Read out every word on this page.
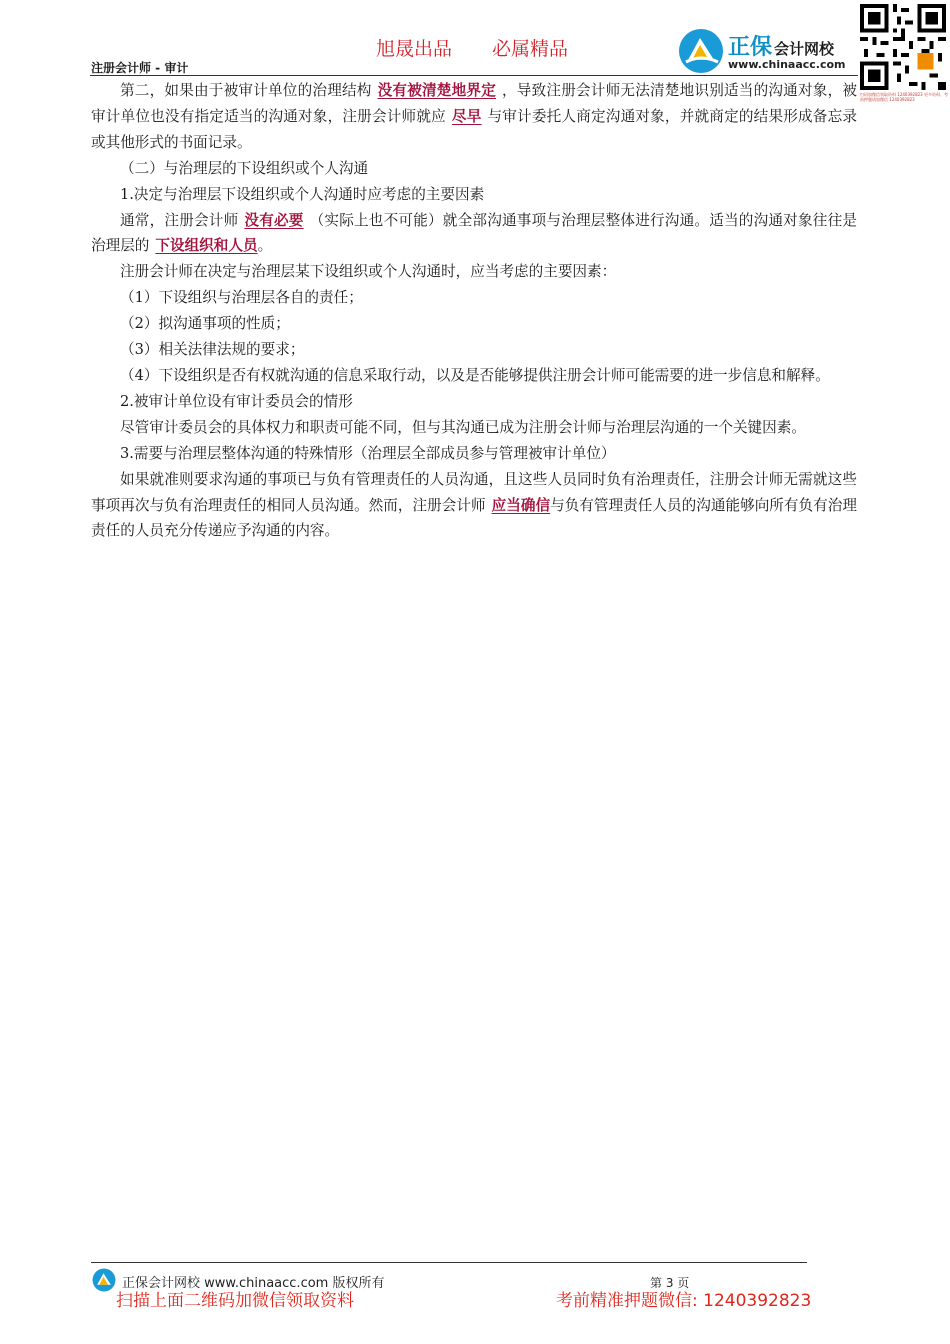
旭晟出品 必属精品	正保 会计网校
www.chinaacc.com
扫码加微信领取资料 1240392823 更多资料、考前押题请加微信 1240392823
注册会计师 - 审计

第二，如果由于被审计单位的治理结构 没有被清楚地界定 ，导致注册会计师无法清楚地识别适当的沟通对象，被审计单位也没有指定适当的沟通对象，注册会计师就应 尽早 与审计委托人商定沟通对象，并就商定的结果形成备忘录或其他形式的书面记录。

（二）与治理层的下设组织或个人沟通

1.决定与治理层下设组织或个人沟通时应考虑的主要因素

通常，注册会计师 没有必要 （实际上也不可能）就全部沟通事项与治理层整体进行沟通。适当的沟通对象往往是治理层的 下设组织和人员。

注册会计师在决定与治理层某下设组织或个人沟通时，应当考虑的主要因素：

（1）下设组织与治理层各自的责任；

（2）拟沟通事项的性质；

（3）相关法律法规的要求；

（4）下设组织是否有权就沟通的信息采取行动，以及是否能够提供注册会计师可能需要的进一步信息和解释。

2.被审计单位设有审计委员会的情形

尽管审计委员会的具体权力和职责可能不同，但与其沟通已成为注册会计师与治理层沟通的一个关键因素。

3.需要与治理层整体沟通的特殊情形（治理层全部成员参与管理被审计单位）

如果就准则要求沟通的事项已与负有管理责任的人员沟通，且这些人员同时负有治理责任，注册会计师无需就这些事项再次与负有治理责任的相同人员沟通。然而，注册会计师 应当确信与负有管理责任人员的沟通能够向所有负有治理责任的人员充分传递应予沟通的内容。

正保会计网校 www.chinaacc.com 版权所有	第 3 页
扫描上面二维码加微信领取资料	考前精准押题微信: 1240392823
